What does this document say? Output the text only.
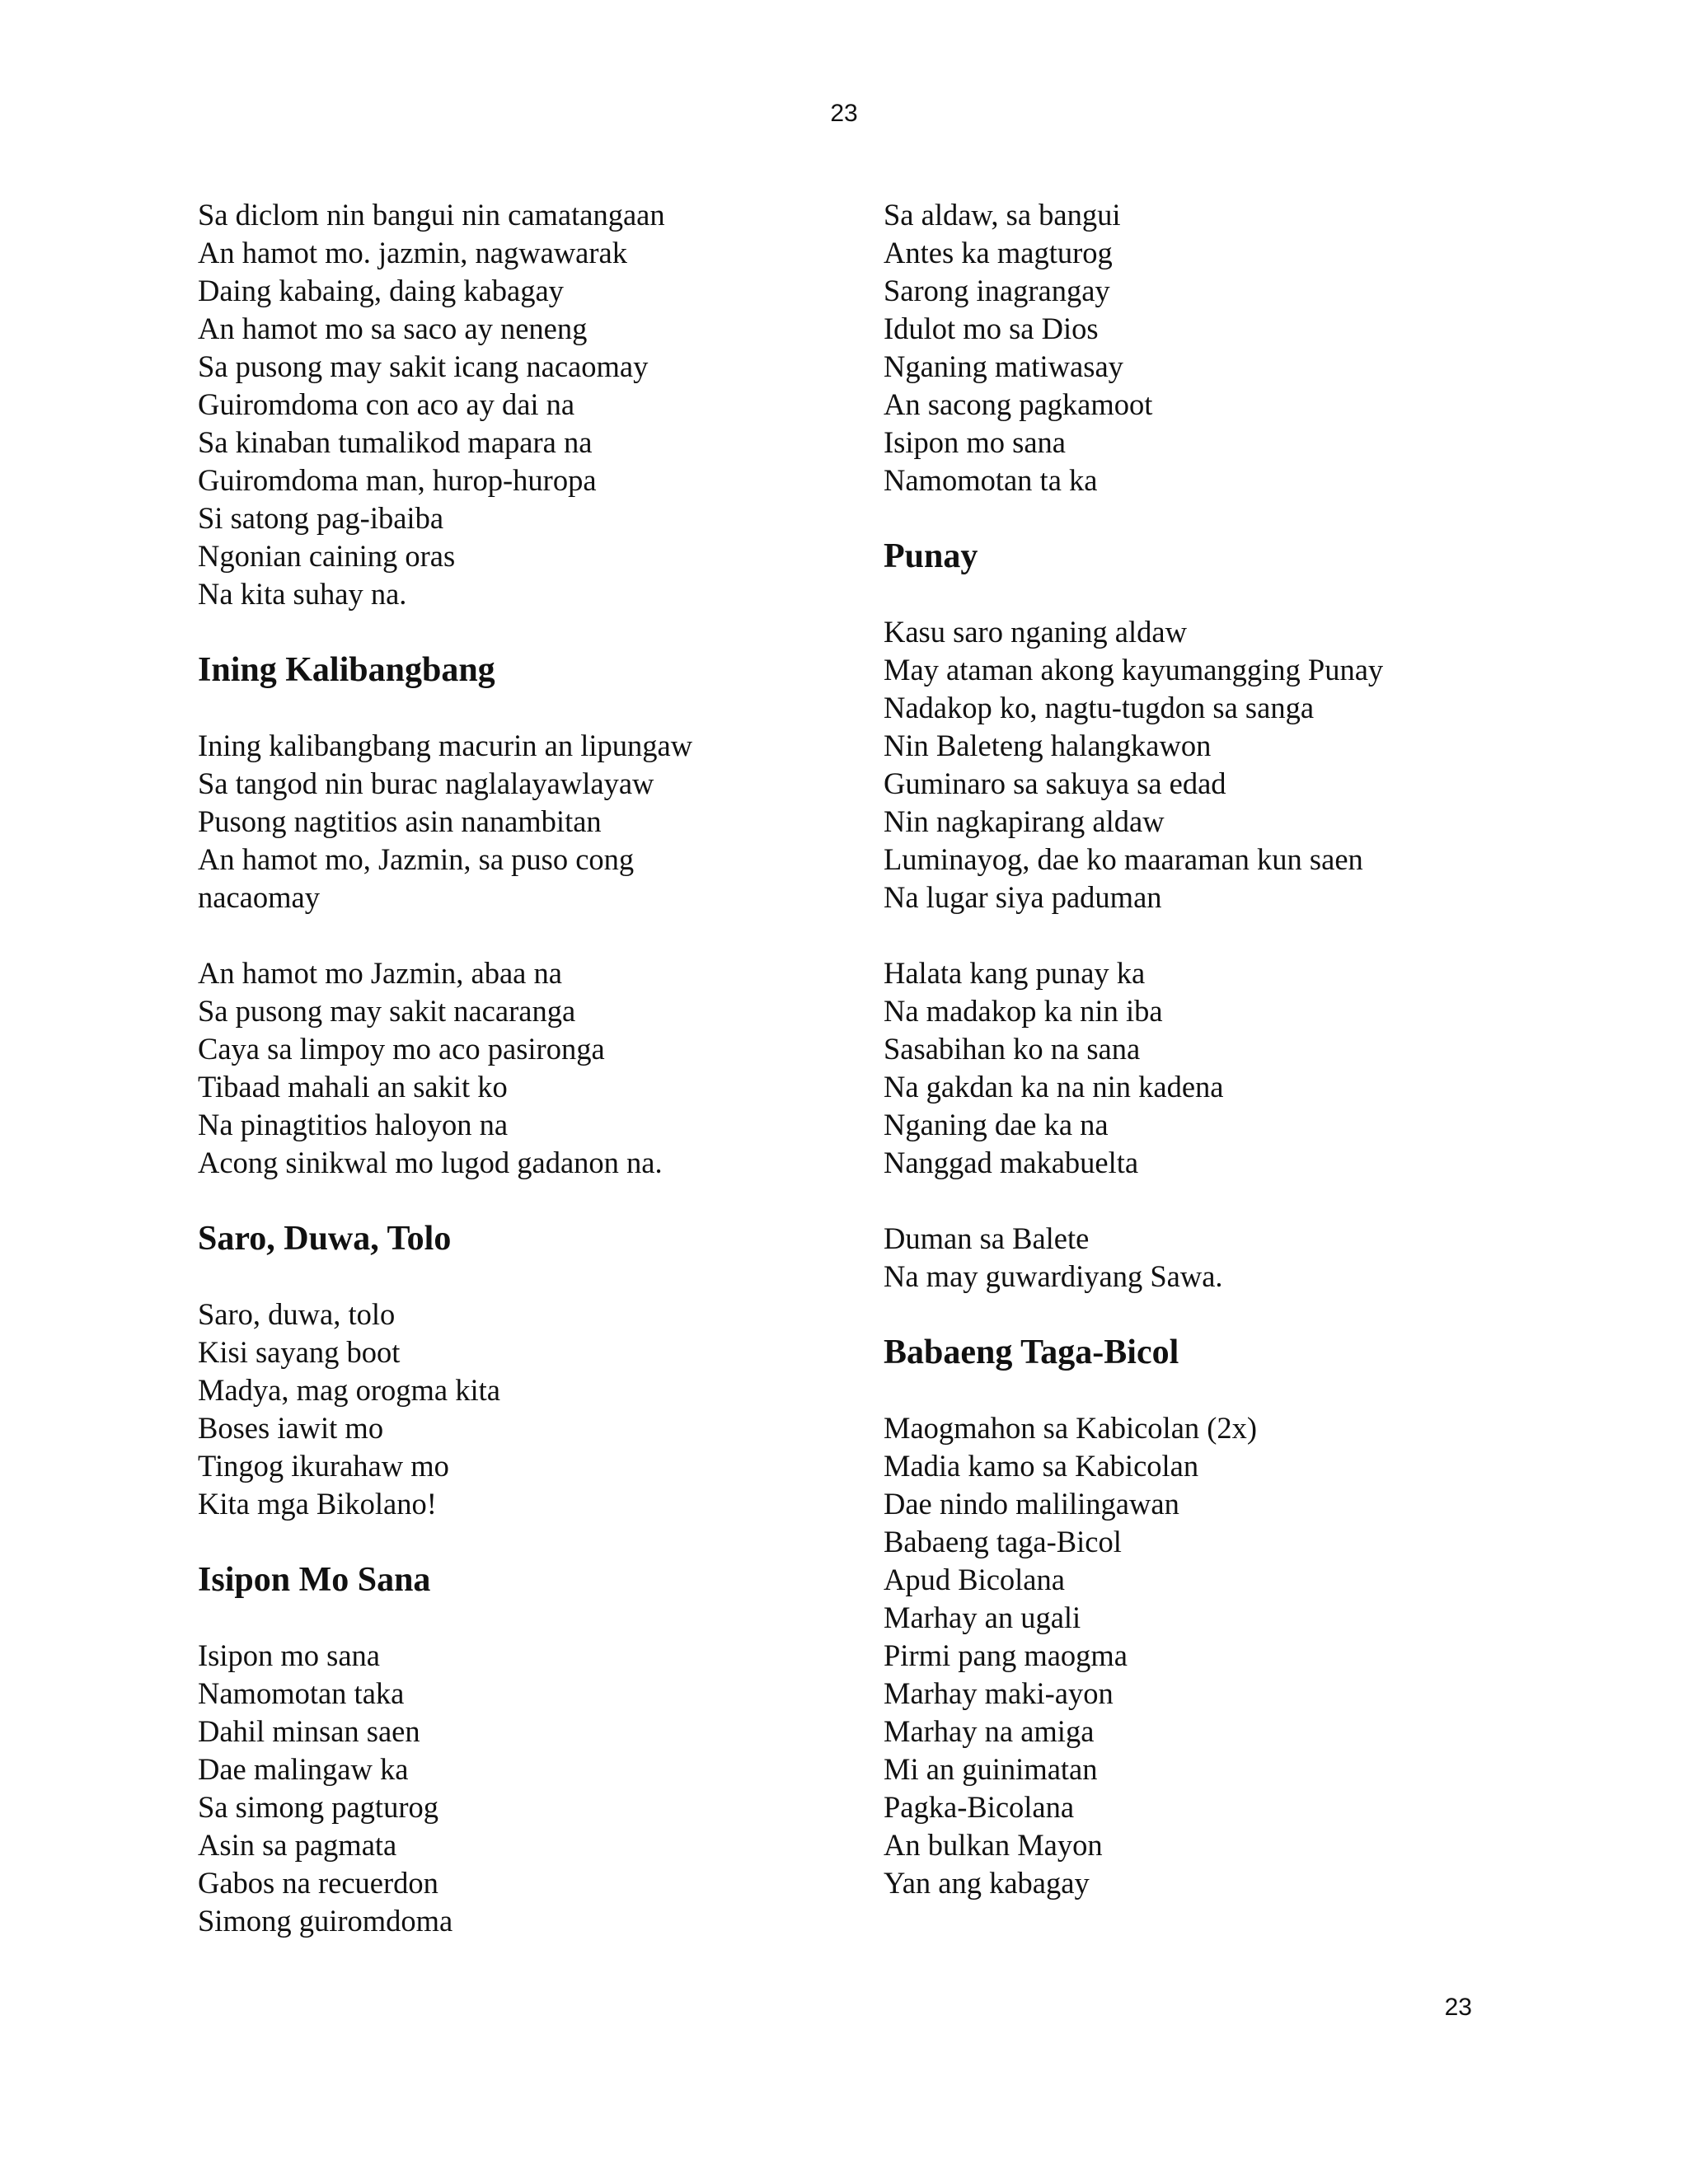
23
Sa diclom nin bangui nin camatangaan
An hamot mo. jazmin, nagwawarak
Daing kabaing, daing kabagay
An hamot mo sa saco ay neneng
Sa pusong may sakit icang nacaomay
Guiromdoma con aco ay dai na
Sa kinaban tumalikod mapara na
Guiromdoma man, hurop-huropa
Si satong pag-ibaiba
Ngonian caining oras
Na kita suhay na.
Ining Kalibangbang
Ining kalibangbang macurin an lipungaw
Sa tangod nin burac naglalayawlayaw
Pusong nagtitios asin nanambitan
An hamot mo, Jazmin, sa puso cong
nacaomay
An hamot mo Jazmin, abaa na
Sa pusong may sakit nacaranga
Caya sa limpoy mo aco pasironga
Tibaad mahali an sakit ko
Na pinagtitios haloyon na
Acong sinikwal mo lugod gadanon na.
Saro, Duwa, Tolo
Saro, duwa, tolo
Kisi sayang boot
Madya, mag orogma kita
Boses iawit mo
Tingog ikurahaw mo
Kita mga Bikolano!
Isipon Mo Sana
Isipon mo sana
Namomotan taka
Dahil minsan saen
Dae malingaw ka
Sa simong pagturog
Asin sa pagmata
Gabos na recuerdon
Simong guiromdoma
Sa aldaw, sa bangui
Antes ka magturog
Sarong inagrangay
Idulot mo sa Dios
Nganing matiwasay
An sacong pagkamoot
Isipon mo sana
Namomotan ta ka
Punay
Kasu saro nganing aldaw
May ataman akong kayumangging Punay
Nadakop ko, nagtu-tugdon sa sanga
Nin Baleteng halangkawon
Guminaro sa sakuya sa edad
Nin nagkapirang aldaw
Luminayog, dae ko maaraman kun saen
Na lugar siya paduman
Halata kang punay ka
Na madakop ka nin iba
Sasabihan ko na sana
Na gakdan ka na nin kadena
Nganing dae ka na
Nanggad makabuelta
Duman sa Balete
Na may guwardiyang Sawa.
Babaeng Taga-Bicol
Maogmahon sa Kabicolan (2x)
Madia kamo sa Kabicolan
Dae nindo malilingawan
Babaeng taga-Bicol
Apud Bicolana
Marhay an ugali
Pirmi pang maogma
Marhay maki-ayon
Marhay na amiga
Mi an guinimatan
Pagka-Bicolana
An bulkan Mayon
Yan ang kabagay
23
